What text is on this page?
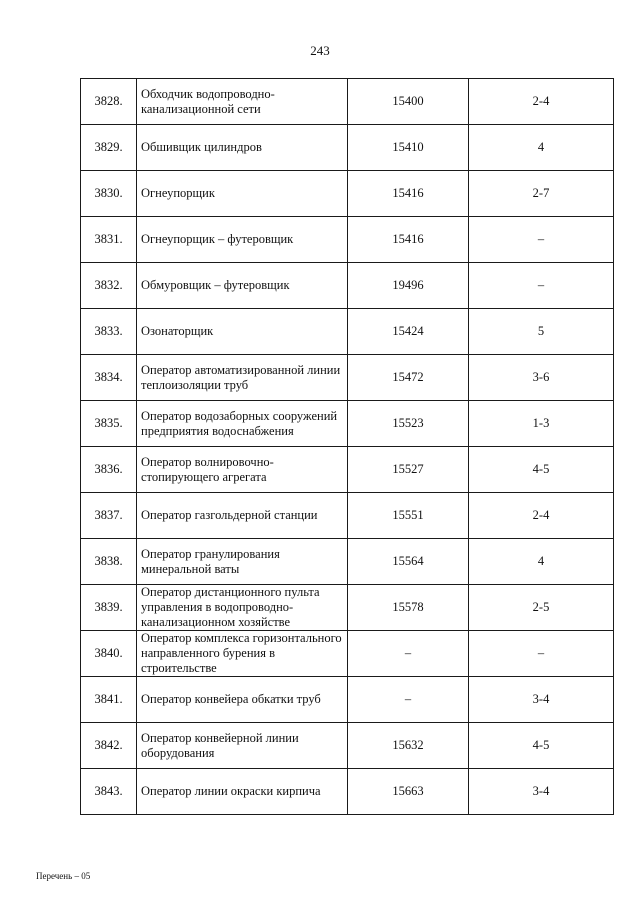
243
3828.	Обходчик водопроводно-канализационной сети	15400	2-4
3829.	Обшивщик цилиндров	15410	4
3830.	Огнеупорщик	15416	2-7
3831.	Огнеупорщик – футеровщик	15416	–
3832.	Обмуровщик – футеровщик	19496	–
3833.	Озонаторщик	15424	5
3834.	Оператор автоматизированной линии теплоизоляции труб	15472	3-6
3835.	Оператор водозаборных сооружений предприятия водоснабжения	15523	1-3
3836.	Оператор волнировочно-стопирующего агрегата	15527	4-5
3837.	Оператор газгольдерной станции	15551	2-4
3838.	Оператор гранулирования минеральной ваты	15564	4
3839.	Оператор дистанционного пульта управления в водопроводно-канализационном хозяйстве	15578	2-5
3840.	Оператор комплекса горизонтального направленного бурения в строительстве	–	–
3841.	Оператор конвейера обкатки труб	–	3-4
3842.	Оператор конвейерной линии оборудования	15632	4-5
3843.	Оператор линии окраски кирпича	15663	3-4
Перечень – 05
